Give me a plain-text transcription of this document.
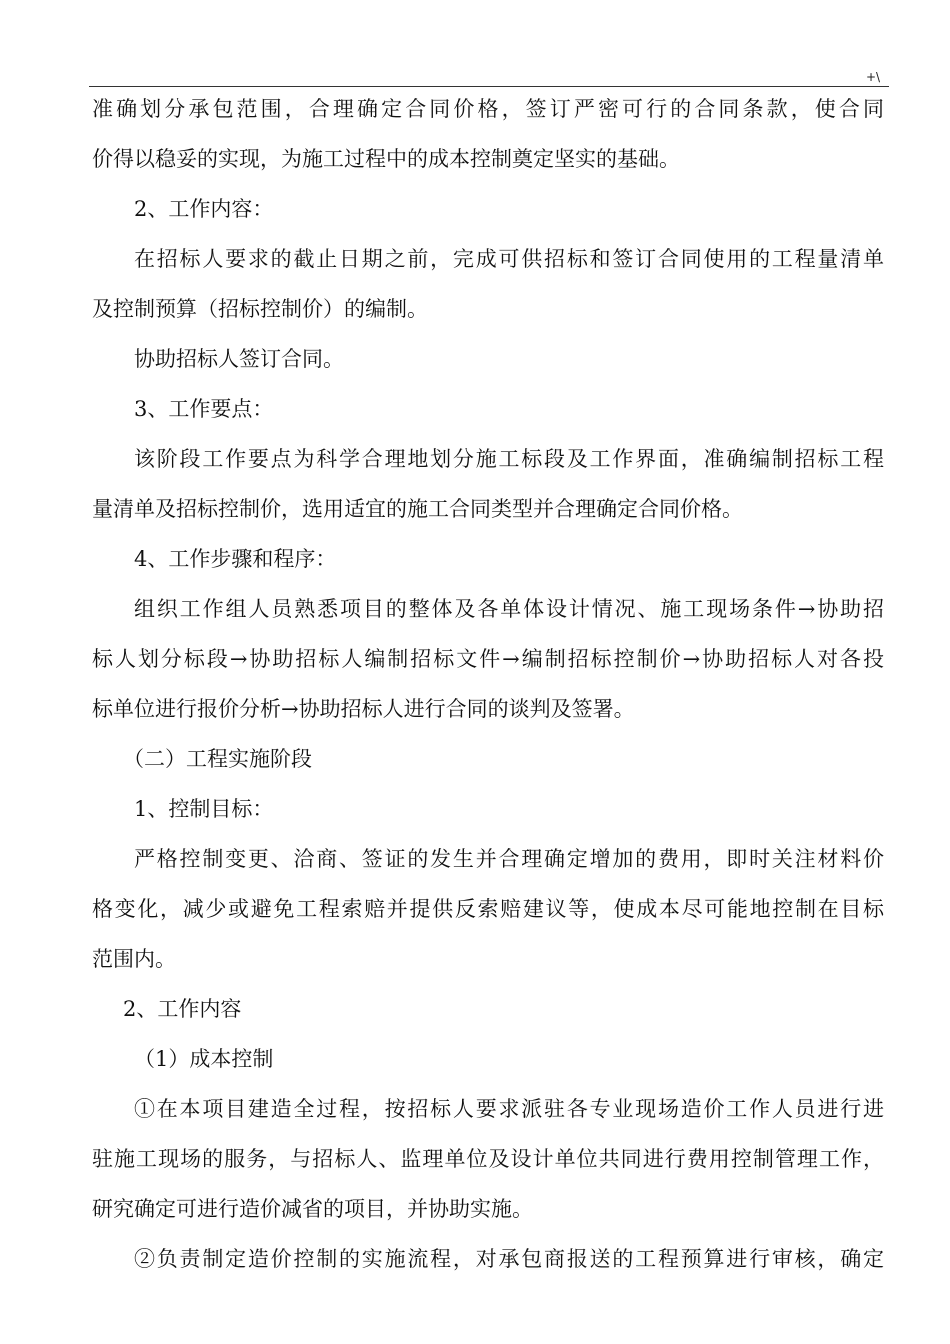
+\
准确划分承包范围，合理确定合同价格，签订严密可行的合同条款，使合同
价得以稳妥的实现，为施工过程中的成本控制奠定坚实的基础。
2、工作内容：
在招标人要求的截止日期之前，完成可供招标和签订合同使用的工程量清单
及控制预算（招标控制价）的编制。
协助招标人签订合同。
3、工作要点：
该阶段工作要点为科学合理地划分施工标段及工作界面，准确编制招标工程
量清单及招标控制价，选用适宜的施工合同类型并合理确定合同价格。
4、工作步骤和程序：
组织工作组人员熟悉项目的整体及各单体设计情况、施工现场条件→协助招
标人划分标段→协助招标人编制招标文件→编制招标控制价→协助招标人对各投
标单位进行报价分析→协助招标人进行合同的谈判及签署。
（二）工程实施阶段
1、控制目标：
严格控制变更、洽商、签证的发生并合理确定增加的费用，即时关注材料价
格变化，减少或避免工程索赔并提供反索赔建议等，使成本尽可能地控制在目标
范围内。
2、工作内容
（1）成本控制
①在本项目建造全过程，按招标人要求派驻各专业现场造价工作人员进行进
驻施工现场的服务，与招标人、监理单位及设计单位共同进行费用控制管理工作，
研究确定可进行造价减省的项目，并协助实施。
②负责制定造价控制的实施流程，对承包商报送的工程预算进行审核，确定
